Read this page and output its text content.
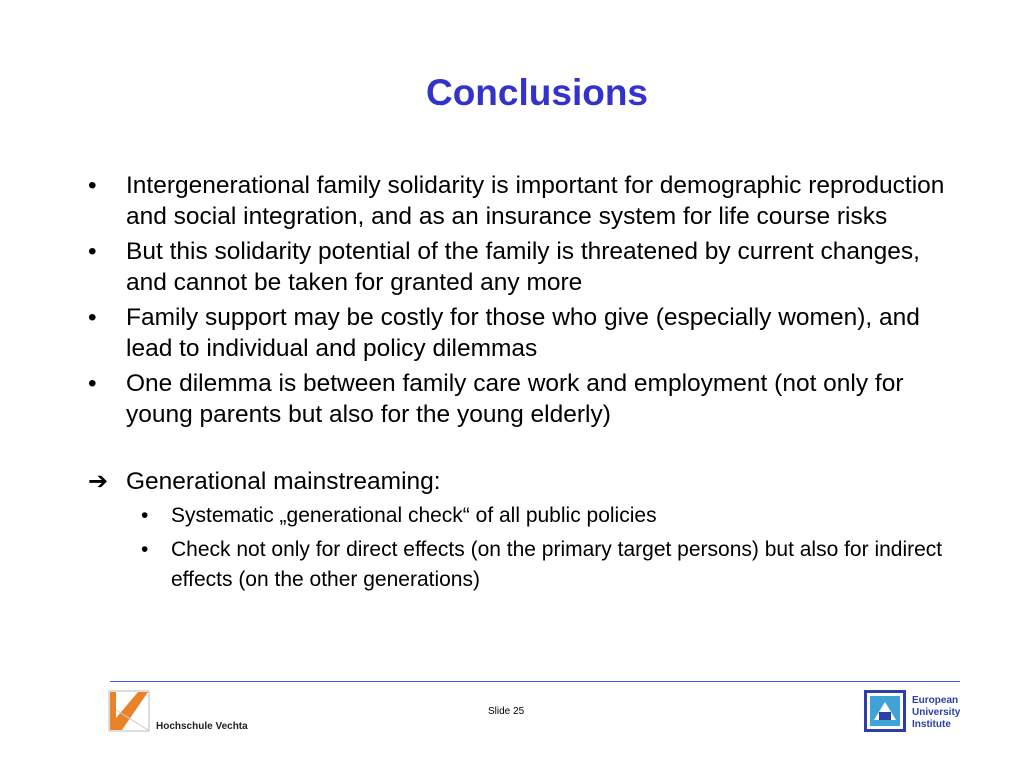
Conclusions
• Intergenerational family solidarity is important for demographic reproduction and social integration, and as an insurance system for life course risks
• But this solidarity potential of the family is threatened by current changes, and cannot be taken for granted any more
• Family support may be costly for those who give (especially women), and lead to individual and policy dilemmas
• One dilemma is between family care work and employment (not only for young parents but also for the young elderly)
➔ Generational mainstreaming:
• Systematic „generational check“ of all public policies
• Check not only for direct effects (on the primary target persons) but also for indirect effects (on the other generations)
Hochschule Vechta
Slide 25
European
University
Institute
